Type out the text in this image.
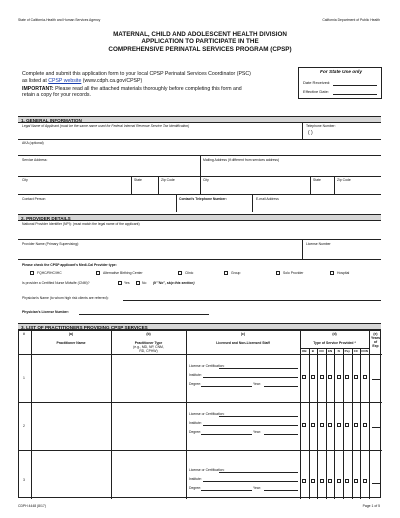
State of California-Health and Human Services Agency	California Department of Public Health
MATERNAL, CHILD AND ADOLESCENT HEALTH DIVISION
APPLICATION TO PARTICIPATE IN THE
COMPREHENSIVE PERINATAL SERVICES PROGRAM (CPSP)
Complete and submit this application form to your local CPSP Perinatal Services Coordinator (PSC)
as listed at CPSP website (www.cdph.ca.gov/CPSP)
IMPORTANT: Please read all the attached materials thoroughly before completing this form and
retain a copy for your records.
For State Use only
Date Received:
Effective Date:
1. GENERAL INFORMATION
Legal Name of Applicant (must be the same name used for Federal Internal Revenue Service Tax Identification)	Telephone Number:
( )
AKA (optional)
Service Address:	Mailing Address (if different from services address)
City	State	Zip Code	City	State	Zip Code
Contact Person	Contact's Telephone Number:	E-mail Address
2. PROVIDER DETAILS
National Provider Identifier (NPI): (must match the legal name of the applicant)
Provider Name (Primary Supervising):	License Number
Please check the CPSP applicant's Medi-Cal Provider type:
FQHC/RHC/IHC	Alternative Birthing Center	Clinic	Group	Solo Provider	Hospital
Is provider a Certified Nurse Midwife (CNM)?	Yes	No (If "No", skip this section)
Physician's Name (to whom high risk clients are referred):
Physician's License Number:
3. LIST OF PRACTITIONERS PROVIDING CPSP SERVICES
#	(a)
Practitioner Name
(b)
Practitioner Type
(e.g., MD, NP, CNM,
RD, CPHW)
(c)
Licensed and Non-Licensed Staff
(d)
Type of Service Provided *
(e)
Years
of
Exp
OB	B	CO	EN	N	Psy	CC	CON
1
License or Certification:
Institute:
Degree:	Year:
2
License or Certification:
Institute:
Degree:	Year:
3
License or Certification:
Institute:
Degree:	Year:
CDPH 4448 (8/17)	Page 1 of 5
